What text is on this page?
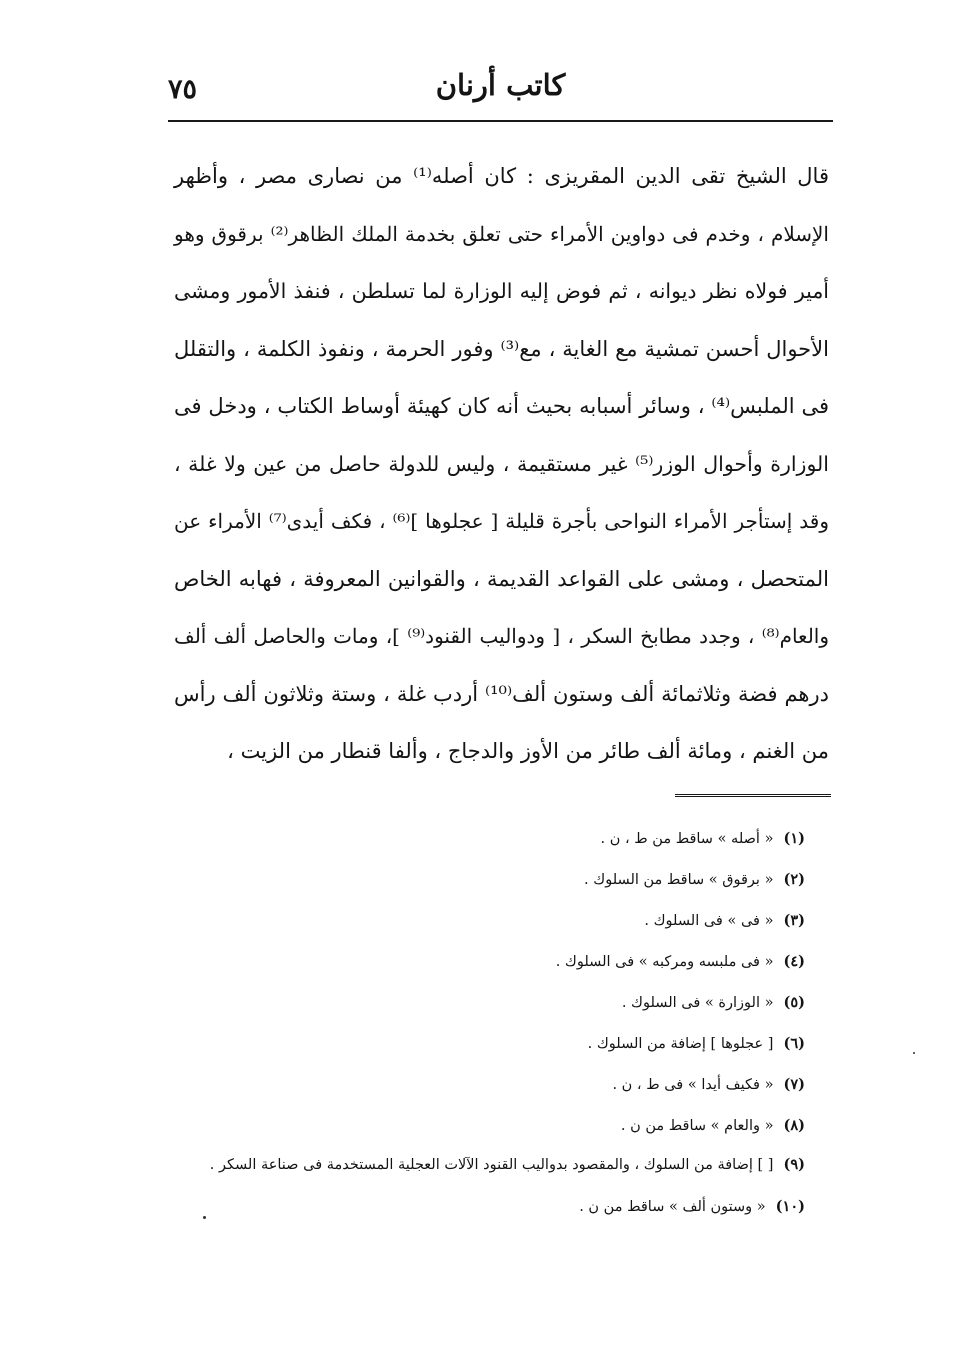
كاتب أرنان
٧٥
قال الشيخ تقى الدين المقريزى : كان أصله⁽¹⁾ من نصارى مصر ، وأظهر
الإسلام ، وخدم فى دواوين الأمراء حتى تعلق بخدمة الملك الظاهر⁽²⁾ برقوق وهو
أمير فولاه نظر ديوانه ، ثم فوض إليه الوزارة لما تسلطن ، فنفذ الأمور ومشى
الأحوال أحسن تمشية مع الغاية ، مع⁽³⁾ وفور الحرمة ، ونفوذ الكلمة ، والتقلل
فى الملبس⁽⁴⁾ ، وسائر أسبابه بحيث أنه كان كهيئة أوساط الكتاب ، ودخل فى
الوزارة وأحوال الوزر⁽⁵⁾ غير مستقيمة ، وليس للدولة حاصل من عين ولا غلة ،
وقد إستأجر الأمراء النواحى بأجرة قليلة [ عجلوها ]⁽⁶⁾ ، فكف أيدى⁽⁷⁾ الأمراء عن
المتحصل ، ومشى على القواعد القديمة ، والقوانين المعروفة ، فهابه الخاص
والعام⁽⁸⁾ ، وجدد مطابخ السكر ، [ ودواليب القنود⁽⁹⁾ ]، ومات والحاصل ألف ألف
درهم فضة وثلاثمائة ألف وستون ألف⁽¹⁰⁾ أردب غلة ، وستة وثلاثون ألف رأس
من الغنم ، ومائة ألف طائر من الأوز والدجاج ، وألفا قنطار من الزيت ،
(١)« أصله » ساقط من ط ، ن .
(٢)« برقوق » ساقط من السلوك .
(٣)« فى » فى السلوك .
(٤)« فى ملبسه ومركبه » فى السلوك .
(٥)« الوزارة » فى السلوك .
(٦)[ عجلوها ] إضافة من السلوك .
(٧)« فكيف أيدا » فى ط ، ن .
(٨)« والعام » ساقط من ن .
(٩)[ ] إضافة من السلوك ، والمقصود بدواليب القنود الآلات العجلية المستخدمة فى صناعة السكر .
(١٠)« وستون ألف » ساقط من ن .
